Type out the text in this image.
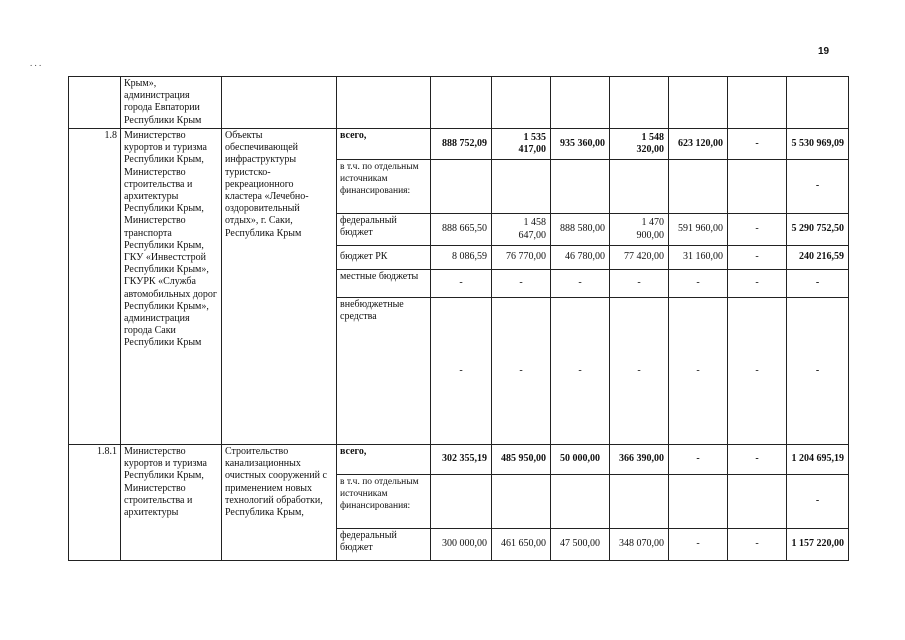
19
. . .
	Крым», администрация города Евпатории Республики Крым									
1.8	Министерство курортов и туризма Республики Крым, Министерство строительства и архитектуры Республики Крым, Министерство транспорта Республики Крым, ГКУ «Инвестстрой Республики Крым», ГКУРК «Служба автомобильных дорог Республики Крым», администрация города Саки Республики Крым	Объекты обеспечивающей инфраструктуры туристско-рекреационного кластера «Лечебно-оздоровительный отдых», г. Саки, Республика Крым	всего,	888 752,09	1 535 417,00	935 360,00	1 548 320,00	623 120,00	-	5 530 969,09
			в т.ч. по отдельным источникам финансирования:							-
			федеральный бюджет	888 665,50	1 458 647,00	888 580,00	1 470 900,00	591 960,00	-	5 290 752,50
			бюджет РК	8 086,59	76 770,00	46 780,00	77 420,00	31 160,00	-	240 216,59
			местные бюджеты	-	-	-	-	-	-	-
			внебюджетные средства	-	-	-	-	-	-	-
1.8.1	Министерство курортов и туризма Республики Крым, Министерство строительства и архитектуры	Строительство канализационных очистных сооружений с применением новых технологий обработки, Республика Крым,	всего,	302 355,19	485 950,00	50 000,00	366 390,00	-	-	1 204 695,19
			в т.ч. по отдельным источникам финансирования:							-
			федеральный бюджет	300 000,00	461 650,00	47 500,00	348 070,00	-	-	1 157 220,00
